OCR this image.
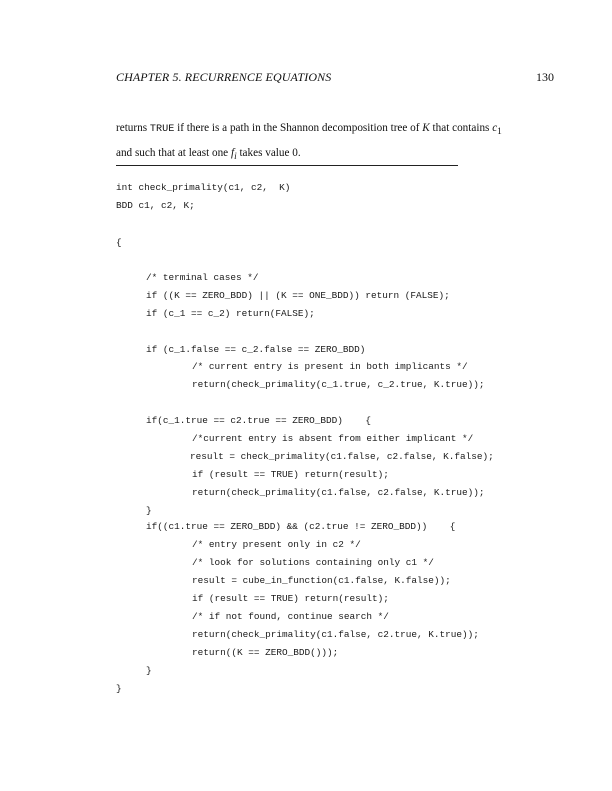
CHAPTER 5. RECURRENCE EQUATIONS	130
returns TRUE if there is a path in the Shannon decomposition tree of K that contains $c_1$
and such that at least one $f_i$ takes value 0.

int check_primality(c1, c2,  K)

BDD c1, c2, K;

{

/* terminal cases */

if ((K == ZERO_BDD) || (K == ONE_BDD)) return (FALSE);

if (c_1 == c_2) return(FALSE);

if (c_1.false == c_2.false == ZERO_BDD)

/* current entry is present in both implicants */

return(check_primality(c_1.true, c_2.true, K.true));

if(c_1.true == c2.true == ZERO_BDD)    {

/*current entry is absent from either implicant */

result = check_primality(c1.false, c2.false, K.false);

if (result == TRUE) return(result);

return(check_primality(c1.false, c2.false, K.true));

}

if((c1.true == ZERO_BDD) && (c2.true != ZERO_BDD))    {

/* entry present only in c2 */

/* look for solutions containing only c1 */

result = cube_in_function(c1.false, K.false));

if (result == TRUE) return(result);

/* if not found, continue search */

return(check_primality(c1.false, c2.true, K.true));

return((K == ZERO_BDD()));

}

}
